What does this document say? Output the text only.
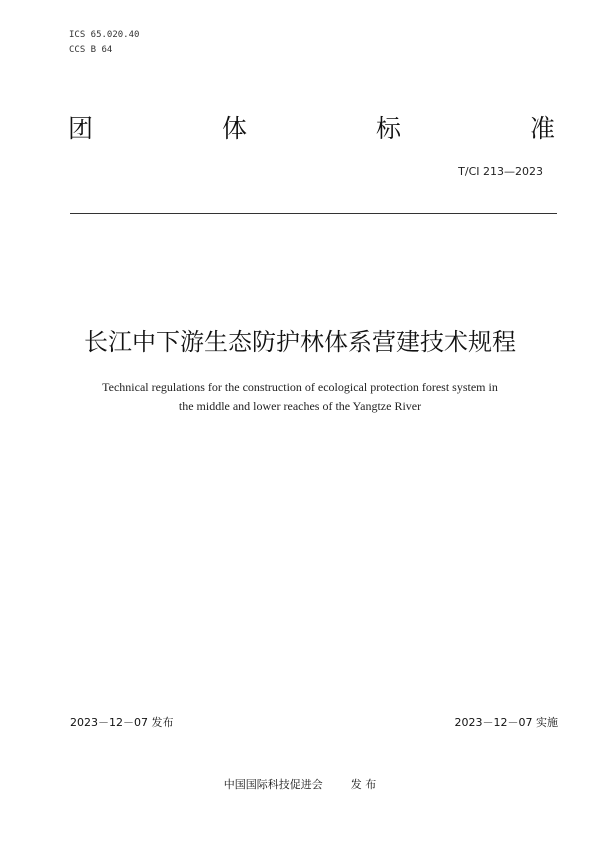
ICS 65.020.40
CCS B 64
团	体	标	准
T/CI 213—2023
长江中下游生态防护林体系营建技术规程
Technical regulations for the construction of ecological protection forest system in
the middle and lower reaches of the Yangtze River
2023－12－07 发布	2023－12－07 实施
中国国际科技促进会	发 布
